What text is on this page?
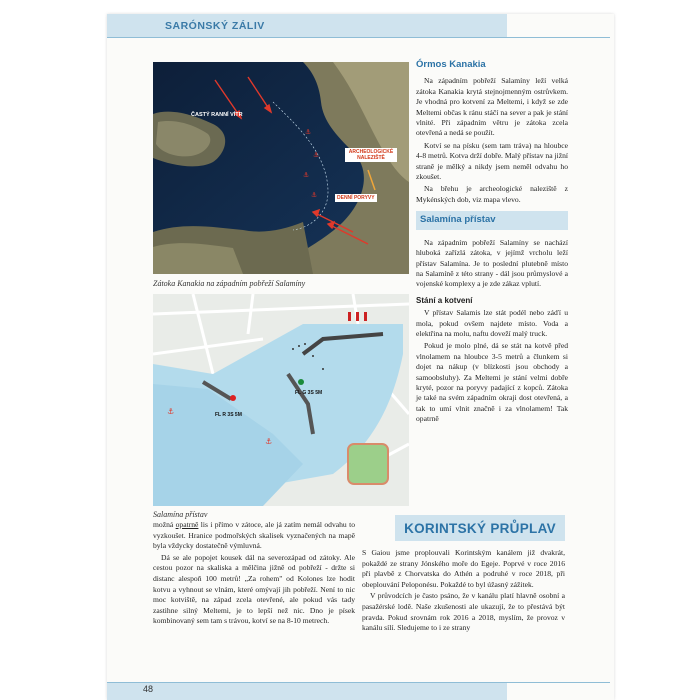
SARÓNSKÝ ZÁLIV
⚓
⚓
⚓
⚓
ČASTÝ RANNÍ VÍTR
ARCHEOLOGICKÉ NALEZIŠTĚ
DENNÍ PORYVY
Zátoka Kanakia na západním pobřeží Salamíny
⚓
⚓
FL R 3S 5M
FL G 3S 5M
Salamína přístav
Órmos Kanakia

Na západním pobřeží Salamíny leží velká zátoka Kanakia krytá stejnojmenným ostrůvkem. Je vhodná pro kotvení za Meltemi, i když se zde Meltemi občas k ránu stáčí na sever a pak je stání vlnité. Při západním větru je zátoka zcela otevřená a nedá se použít.

Kotví se na písku (sem tam tráva) na hloubce 4-8 metrů. Kotva drží dobře. Malý přístav na jižní straně je mělký a nikdy jsem neměl odvahu ho zkoušet.

Na břehu je archeologické naleziště z Mykénských dob, viz mapa vlevo.

Salamína přístav

Na západním pobřeží Salamíny se nachází hluboká zařízlá zátoka, v jejímž vrcholu leží přístav Salamína. Je to poslední plutebně místo na Salamíně z této strany - dál jsou průmyslové a vojenské komplexy a je zde zákaz vplutí.

Stání a kotvení

V přístav Salamis lze stát podél nebo záďí u mola, pokud ovšem najdete místo. Voda a elektřina na molu, naftu doveží malý truck.

Pokud je molo plné, dá se stát na kotvě před vlnolamem na hloubce 3-5 metrů a člunkem si dojet na nákup (v blízkosti jsou obchody a samoobsluhy). Za Meltemi je stání velmi dobře kryté, pozor na poryvy padající z kopců. Zátoka je také na svém západním okraji dost otevřená, a tak to umí vlnit značně i za vlnolamem! Tak opatrně

možná opatrně lis i přímo v zátoce, ale já zatím nemál odvahu to vyzkoušet. Hranice podmořských skalisek vyznačených na mapě byla vždycky dostatečně výmluvná.

Dá se ale popojet kousek dál na severozápad od zátoky. Ale cestou pozor na skaliska a mělčina jižně od pobřeží - držte si distanc alespoň 100 metrů! „Za rohem" od Kolones lze hodit kotvu a vyhnout se vlnám, které omývají jih pobřeží. Není to nic moc kotviště, na západ zcela otevřené, ale pokud vás tady zastihne silný Meltemi, je to lepší než nic. Dno je písek kombinovaný sem tam s trávou, kotví se na 8-10 metrech.

KORINTSKÝ PRŮPLAV

S Gaiou jsme proplouvali Korintským kanálem již dvakrát, pokaždé ze strany Jónského moře do Egeje. Poprvé v roce 2016 při plavbě z Chorvatska do Athén a podruhé v roce 2018, při obeplouvání Peloponésu. Pokaždé to byl úžasný zážitek.

V průvodcích je často psáno, že v kanálu platí hlavně osobní a pasažérské lodě. Naše zkušenosti ale ukazují, že to přestává být pravda. Pokud srovnám rok 2016 a 2018, myslím, že provoz v kanálu sílí. Sledujeme to i ze strany

48
